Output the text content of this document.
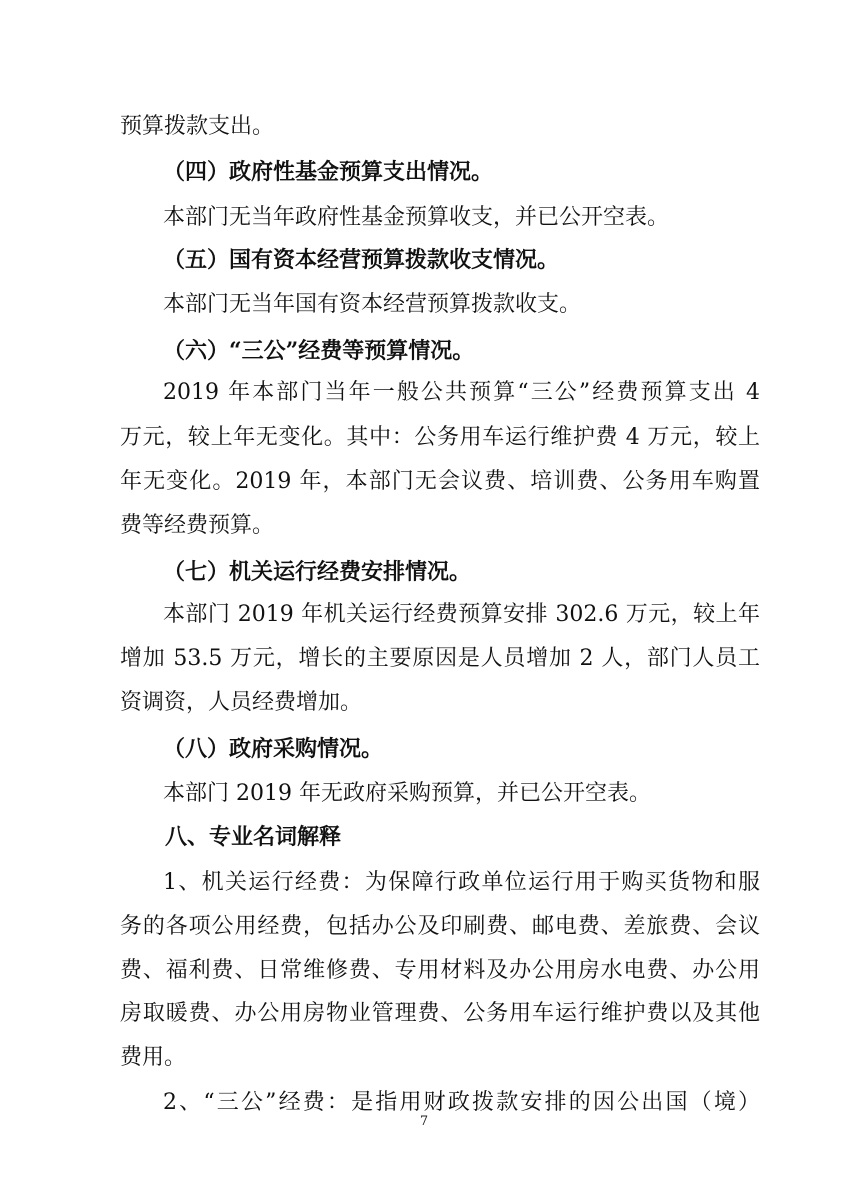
预算拨款支出。
（四）政府性基金预算支出情况。
本部门无当年政府性基金预算收支，并已公开空表。
（五）国有资本经营预算拨款收支情况。
本部门无当年国有资本经营预算拨款收支。
（六）“三公”经费等预算情况。
2019 年本部门当年一般公共预算“三公”经费预算支出 4
万元，较上年无变化。其中：公务用车运行维护费 4 万元，较上
年无变化。2019 年，本部门无会议费、培训费、公务用车购置
费等经费预算。
（七）机关运行经费安排情况。
本部门 2019 年机关运行经费预算安排 302.6 万元，较上年
增加 53.5 万元，增长的主要原因是人员增加 2 人，部门人员工
资调资，人员经费增加。
（八）政府采购情况。
本部门 2019 年无政府采购预算，并已公开空表。
八、专业名词解释
1、机关运行经费：为保障行政单位运行用于购买货物和服
务的各项公用经费，包括办公及印刷费、邮电费、差旅费、会议
费、福利费、日常维修费、专用材料及办公用房水电费、办公用
房取暖费、办公用房物业管理费、公务用车运行维护费以及其他
费用。
2、“三公”经费：是指用财政拨款安排的因公出国（境）
7
